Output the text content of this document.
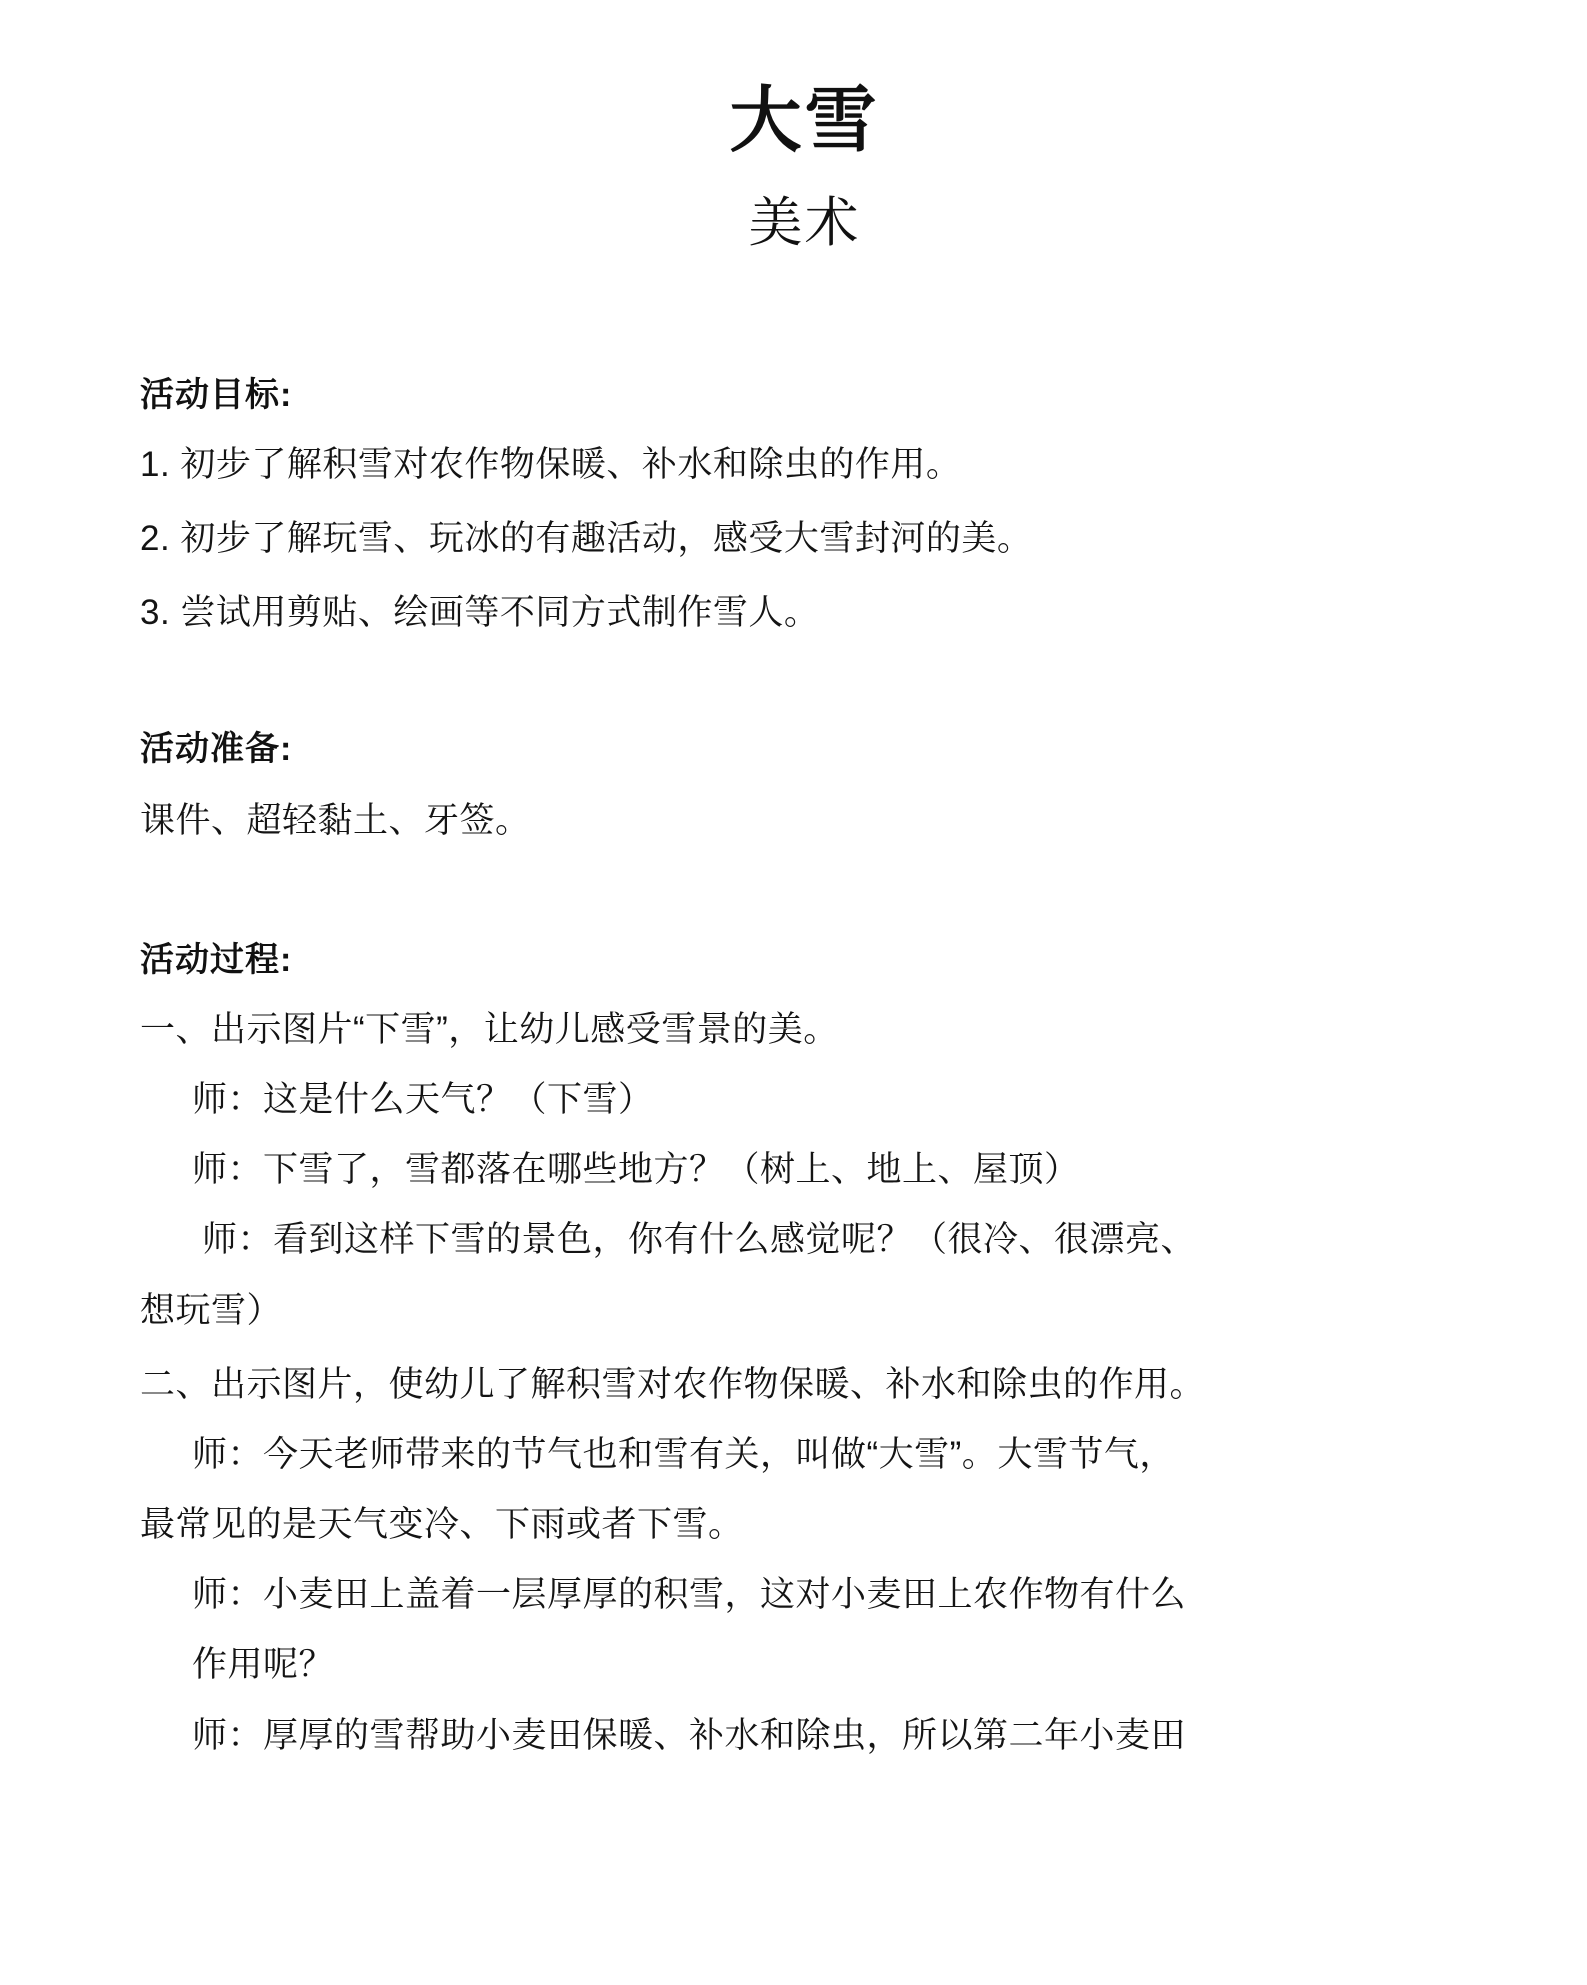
大雪
美术

活动目标:

1. 初步了解积雪对农作物保暖、补水和除虫的作用。

2. 初步了解玩雪、玩冰的有趣活动，感受大雪封河的美。

3. 尝试用剪贴、绘画等不同方式制作雪人。

活动准备:

课件、超轻黏土、牙签。

活动过程:

一、出示图片“下雪”，让幼儿感受雪景的美。

师：这是什么天气？（下雪）

师：下雪了，雪都落在哪些地方？（树上、地上、屋顶）

师：看到这样下雪的景色，你有什么感觉呢？（很冷、很漂亮、

想玩雪）

二、出示图片，使幼儿了解积雪对农作物保暖、补水和除虫的作用。

师：今天老师带来的节气也和雪有关，叫做“大雪”。大雪节气，

最常见的是天气变冷、下雨或者下雪。

师：小麦田上盖着一层厚厚的积雪，这对小麦田上农作物有什么

作用呢？

师：厚厚的雪帮助小麦田保暖、补水和除虫，所以第二年小麦田
